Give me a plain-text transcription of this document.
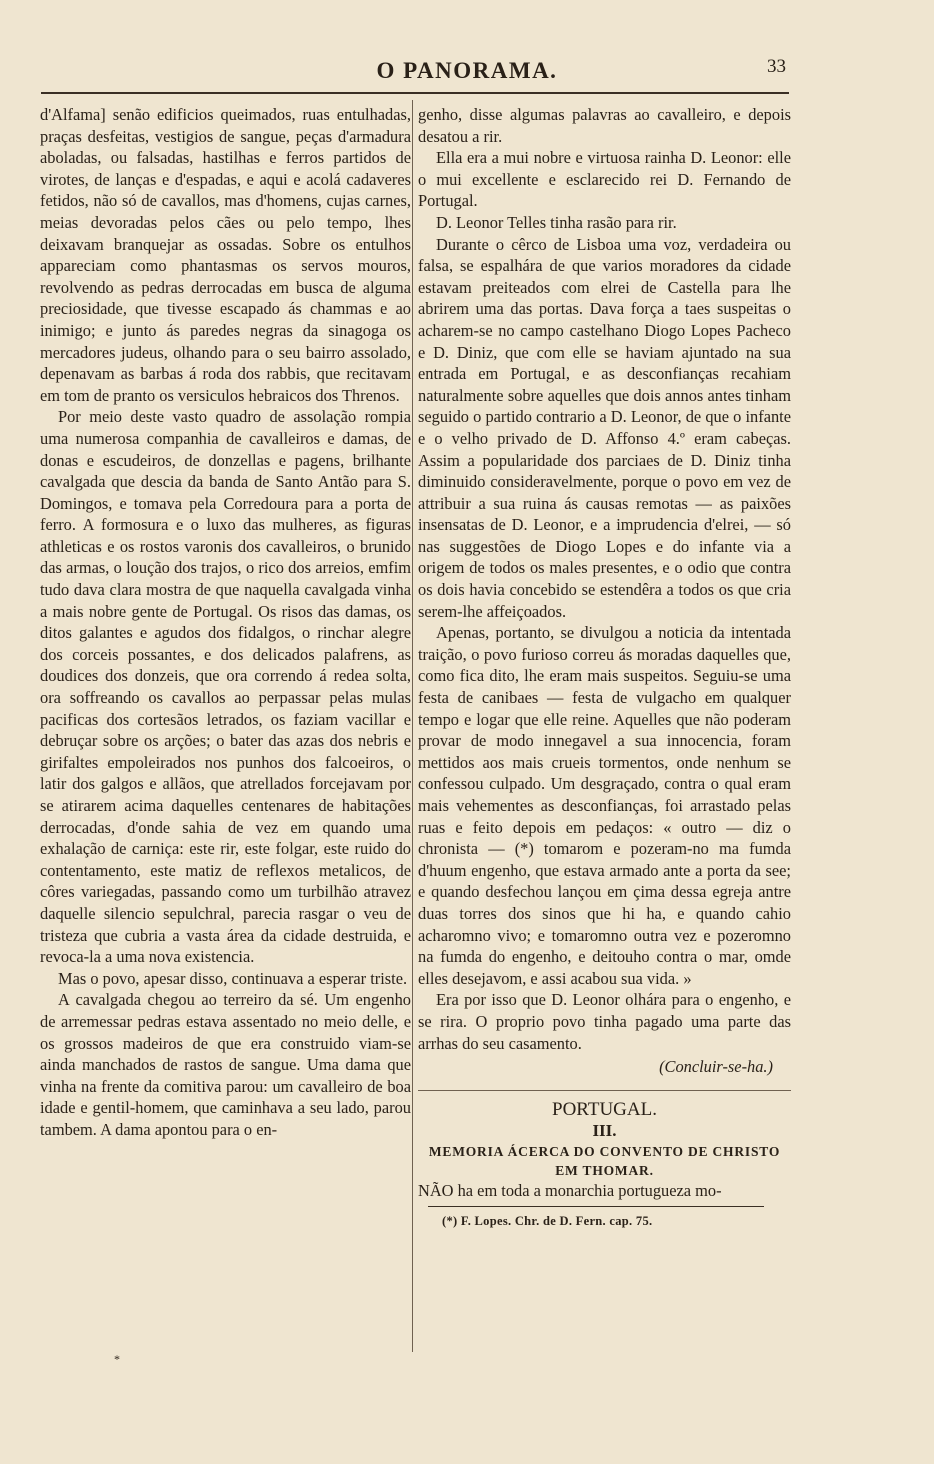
33
O PANORAMA.

d'Alfama] senão edificios queimados, ruas entulhadas, praças desfeitas, vestigios de sangue, peças d'armadura aboladas, ou falsadas, hastilhas e ferros partidos de virotes, de lanças e d'espadas, e aqui e acolá cadaveres fetidos, não só de cavallos, mas d'homens, cujas carnes, meias devoradas pelos cães ou pelo tempo, lhes deixavam branquejar as ossadas. Sobre os entulhos appareciam como phantasmas os servos mouros, revolvendo as pedras derrocadas em busca de alguma preciosidade, que tivesse escapado ás chammas e ao inimigo; e junto ás paredes negras da sinagoga os mercadores judeus, olhando para o seu bairro assolado, depenavam as barbas á roda dos rabbis, que recitavam em tom de pranto os versiculos hebraicos dos Threnos.

Por meio deste vasto quadro de assolação rompia uma numerosa companhia de cavalleiros e damas, de donas e escudeiros, de donzellas e pagens, brilhante cavalgada que descia da banda de Santo Antão para S. Domingos, e tomava pela Corredoura para a porta de ferro. A formosura e o luxo das mulheres, as figuras athleticas e os rostos varonis dos cavalleiros, o brunido das armas, o loução dos trajos, o rico dos arreios, emfim tudo dava clara mostra de que naquella cavalgada vinha a mais nobre gente de Portugal. Os risos das damas, os ditos galantes e agudos dos fidalgos, o rinchar alegre dos corceis possantes, e dos delicados palafrens, as doudices dos donzeis, que ora correndo á redea solta, ora soffreando os cavallos ao perpassar pelas mulas pacificas dos cortesãos letrados, os faziam vacillar e debruçar sobre os arções; o bater das azas dos nebris e girifaltes empoleirados nos punhos dos falcoeiros, o latir dos galgos e allãos, que atrellados forcejavam por se atirarem acima daquelles centenares de habitações derrocadas, d'onde sahia de vez em quando uma exhalação de carniça: este rir, este folgar, este ruido do contentamento, este matiz de reflexos metalicos, de côres variegadas, passando como um turbilhão atravez daquelle silencio sepulchral, parecia rasgar o veu de tristeza que cubria a vasta área da cidade destruida, e revoca-la a uma nova existencia.

Mas o povo, apesar disso, continuava a esperar triste.

A cavalgada chegou ao terreiro da sé. Um engenho de arremessar pedras estava assentado no meio delle, e os grossos madeiros de que era construido viam-se ainda manchados de rastos de sangue. Uma dama que vinha na frente da comitiva parou: um cavalleiro de boa idade e gentil-homem, que caminhava a seu lado, parou tambem. A dama apontou para o en-

genho, disse algumas palavras ao cavalleiro, e depois desatou a rir.

Ella era a mui nobre e virtuosa rainha D. Leonor: elle o mui excellente e esclarecido rei D. Fernando de Portugal.

D. Leonor Telles tinha rasão para rir.

Durante o cêrco de Lisboa uma voz, verdadeira ou falsa, se espalhára de que varios moradores da cidade estavam preiteados com elrei de Castella para lhe abrirem uma das portas. Dava força a taes suspeitas o acharem-se no campo castelhano Diogo Lopes Pacheco e D. Diniz, que com elle se haviam ajuntado na sua entrada em Portugal, e as desconfianças recahiam naturalmente sobre aquelles que dois annos antes tinham seguido o partido contrario a D. Leonor, de que o infante e o velho privado de D. Affonso 4.º eram cabeças. Assim a popularidade dos parciaes de D. Diniz tinha diminuido consideravelmente, porque o povo em vez de attribuir a sua ruina ás causas remotas — as paixões insensatas de D. Leonor, e a imprudencia d'elrei, — só nas suggestões de Diogo Lopes e do infante via a origem de todos os males presentes, e o odio que contra os dois havia concebido se estendêra a todos os que cria serem-lhe affeiçoados.

Apenas, portanto, se divulgou a noticia da intentada traição, o povo furioso correu ás moradas daquelles que, como fica dito, lhe eram mais suspeitos. Seguiu-se uma festa de canibaes — festa de vulgacho em qualquer tempo e logar que elle reine. Aquelles que não poderam provar de modo innegavel a sua innocencia, foram mettidos aos mais crueis tormentos, onde nenhum se confessou culpado. Um desgraçado, contra o qual eram mais vehementes as desconfianças, foi arrastado pelas ruas e feito depois em pedaços: « outro — diz o chronista — (*) tomarom e pozeram-no ma fumda d'huum engenho, que estava armado ante a porta da see; e quando desfechou lançou em çima dessa egreja antre duas torres dos sinos que hi ha, e quando cahio acharomno vivo; e tomaromno outra vez e pozeromno na fumda do engenho, e deitouho contra o mar, omde elles desejavom, e assi acabou sua vida. »

Era por isso que D. Leonor olhára para o engenho, e se rira. O proprio povo tinha pagado uma parte das arrhas do seu casamento.

(Concluir-se-ha.)

PORTUGAL.

III.

MEMORIA ÁCERCA DO CONVENTO DE CHRISTO
EM THOMAR.

NÃO ha em toda a monarchia portugueza mo-

(*) F. Lopes. Chr. de D. Fern. cap. 75.
*
